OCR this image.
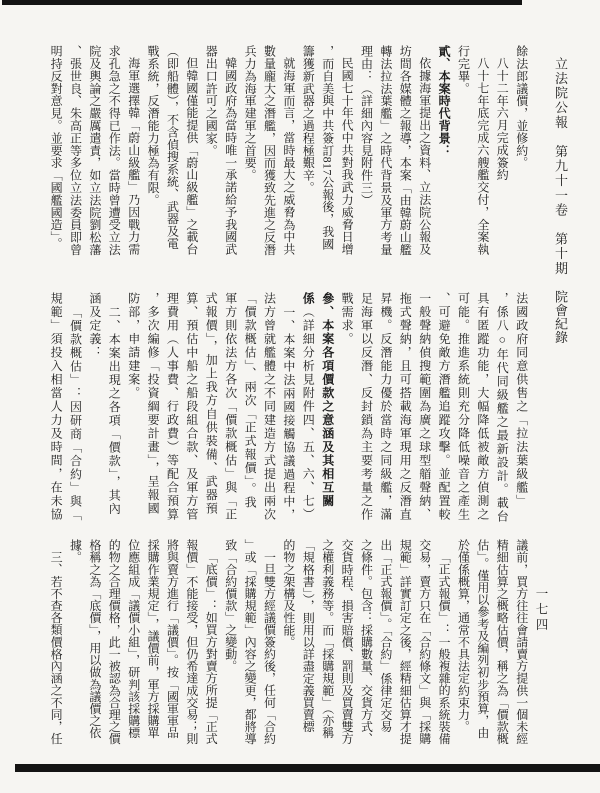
立法院公報　第九十一卷　第十期
院會紀錄
一七四
餘法郎議價，並修約。
八十二年六月完成簽約
八十七年底完成六艘艦交付，全案執
行完畢。
貳、本案時代背景：
依據海軍提出之資料、立法院公報及
坊間各媒體之報導，本案「由韓蔚山艦
轉法拉法葉艦」之時代背景及軍方考量
理由：（詳細內容見附件三）
民國七十年代中共對我武力威脅日增
，而自美與中共簽訂817公報後，我國
籌獲新武器之過程極艱辛。
就海軍而言，當時最大之威脅為中共
數量龐大之潛艦，因而獲致先進之反潛
兵力為海軍建軍之首要。
韓國政府為當時唯一承諾給予我國武
器出口許可之國家。
但韓國僅能提供「蔚山級艦」之載台
（即船體），不含偵搜系統、武器及電
戰系統，反潛能力極為有限。
海軍選擇韓「蔚山級艦」乃因戰力需
求孔急之不得已作法。當時曾遭受立法
院及輿論之嚴厲遣責，如立法院劉松藩
、張世良、朱高正等多位立法委員即曾
明持反對意見。並要求「國艦國造」。
法國政府同意供售之「拉法葉級艦」
，係八○年代同級艦之最新設計。載台
具有匿蹤功能，大幅降低被敵方偵測之
可能。推進系統則充分降低噪音之產生
、可避免敵方潛艦追蹤攻擊。並配置較
一般聲納偵搜範圍為廣之球型艏聲納、
拖式聲納，且可搭載海軍現用之反潛直
昇機。反潛能力優於當時之同級艦，滿
足海軍以反潛、反封鎖為主要考量之作
戰需求。
參、本案各項價款之意涵及其相互關
係（詳細分析見附件四、五、六、七）
一、本案中法兩國接觸協議過程中，
法方曾就艦體之不同建造方式提出兩次
「價款概估」、兩次「正式報價」。我
軍方則依法方各次「價款概估」與「正
式報價」，加上我方自供裝備、武器預
算、預估中船之船段組合款、及軍方管
理費用（人事費、行政費）等配合預算
，多次編修「投資綱要計畫」，呈報國
防部，申請建案。
二、本案出現之各項「價款」，其內
涵及定義：
「價款概估」：因研商「合約」與「
規範」須投入相當人力及時間，在未協
議前，買方往往會請賣方提供一個未經
精細估算之概略估價，稱之為「價款概
估」。僅用以參考及編列初步預算，由
於僅係概算，通常不具法定約束力。
「正式報價」：一般複雜的系統裝備
交易，賣方只在「合約條文」與「採購
規範」詳實訂定之後，經精細估算才提
出「正式報價」。「合約」係律定交易
之條件。包含：採購數量、交貨方式、
交貨時程、損害賠償、罰則及買賣雙方
之權利義務等。而「採購規範」（亦稱
「規格書」），則用以詳盡定義買賣標
的物之架構及性能。
一旦雙方經議價簽約後，任何「合約
」或「採購規範」內容之變更，都將導
致「合約價款」之變動。
「底價」：如買方對賣方所提「正式
報價」不能接受，但仍希達成交易；則
將與賣方進行「議價」。按「國軍軍品
採購作業規定」，議價前，軍方採購單
位應組成「議價小組」，研判該採購標
的物之合理價格，此一被認為合理之價
格稱之為「底價」，用以做為議價之依
據。
三、若不查各類價格內涵之不同，任
